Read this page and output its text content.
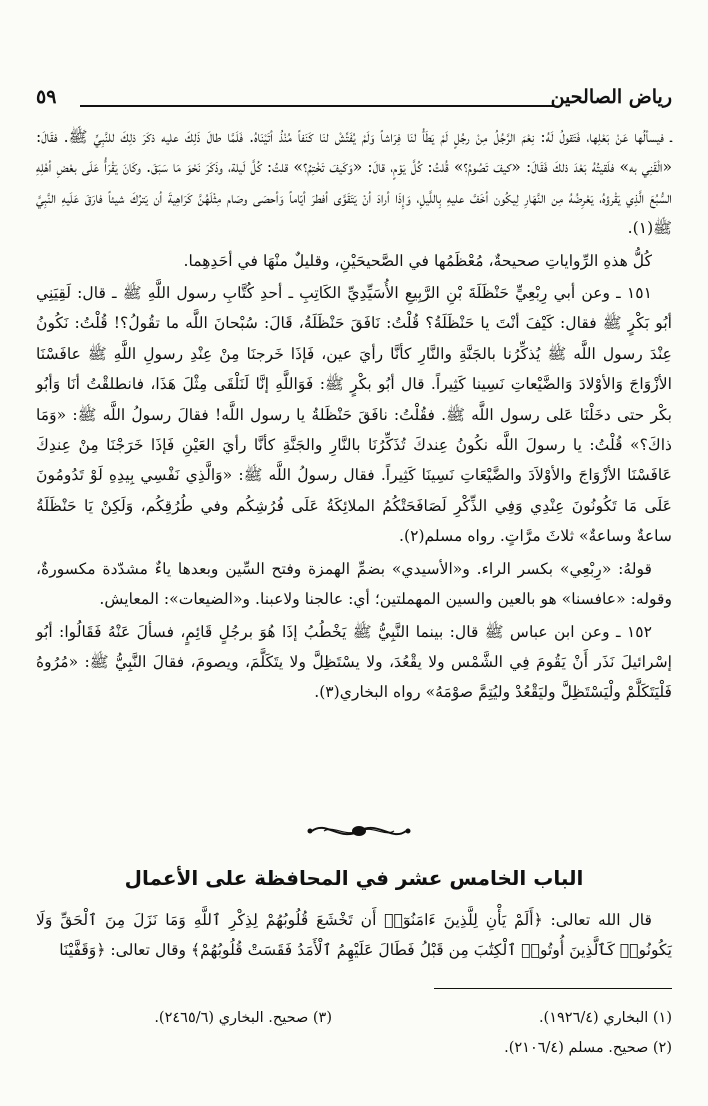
رياض الصالحين
٥٩

ـ فيسألُها عَنْ بَعْلِها، فَتَقولُ لَهُ: نِعْمَ الرَّجُلُ مِنْ رجُلٍ لَمْ يَطَأْ لنَا فِرَاشاً وَلَمْ يُفَتِّشْ لنَا كَنَفاً مُنْذُ أتَيْنَاهُ. فَلَمَّا طالَ ذَلِكَ عليه ذكَرَ ذلِكَ للنَّبِيِّ ﷺ. فقَالَ: «الْقَنِي به» فلَقيتُهُ بَعْدَ ذلكَ فَقَالَ: «كيفَ تَصُومُ؟» قُلتُ: كُلَّ يَوْمٍ، قالَ: «وَكَيفَ تَخْتِمُ؟» قلتُ: كُلَّ لَيلة، وذَكَرَ نَحْوَ مَا سَبَقَ. وكَانَ يَقْرَأُ عَلَى بعْضِ أهْلِهِ السُّبُعَ الَّذِي يَقْرؤهُ، يَعْرِضُهُ مِن النَّهَارِ لِيكُون أخَفَّ عليهِ بِاللَّيلِ، وَإِذَا أرادَ أنْ يَتَقَوَّى أفطرَ أيّاماً وَأحصَى وصَام مِثْلَهُنَّ كَرَاهِيةَ أن يَترُكَ شيئاً فارَقَ عَلَيهِ النَّبِيَّ ﷺ(١).

كُلُّ هذهِ الرِّواياتِ صحيحةٌ، مُعْظَمُها في الصَّحيحَيْنِ، وقليلٌ منْهَا في أحَدِهِما.

١٥١ ـ وعن أبي رِبْعِيٍّ حَنْظَلَةَ بْنِ الرَّبِيعِ الأُسَيِّدِيِّ الكَاتِبِ ـ أحدِ كُتَّابِ رسول اللَّهِ ﷺ ـ قال: لَقِيَنِي أبُو بَكْرٍ ﷺ فقال: كَيْفَ أنْتَ يا حَنْظَلَةُ؟ قُلْتُ: نَافَقَ حَنْظَلَةُ، قَالَ: سُبْحانَ اللَّه ما تقُولُ؟! قُلْتُ: نَكُونُ عِنْدَ رسول اللَّه ﷺ يُذكِّرُنا بالجَنَّةِ والنَّارِ كأنَّا رأيَ عين، فَإذَا خَرجنَا مِنْ عِنْدِ رسولِ اللَّهِ ﷺ عافَسْنَا الأزْوَاجَ وَالأوْلادَ وَالضَّيْعاتِ نَسِينا كَثِيراً. قال أبُو بكْرٍ ﷺ: فَوَاللَّهِ إنَّا لَنَلْقَى مِثْلَ هَذَا، فانطلقْتُ أنَا وَأبُو بكْر حتى دخَلْنَا عَلى رسول اللَّه ﷺ. فقُلْتُ: نافَقَ حَنْظَلةُ يا رسول اللَّه! فقالَ رسولُ اللَّه ﷺ: «وَمَا ذاكَ؟» قُلْتُ: يا رسولَ اللَّه نكُونُ عِندكَ تُذَكِّرُنَا بالنَّارِ والجَنَّةِ كأنَّا رأيَ العَيْنِ فَإذَا خَرَجْنَا مِنْ عِندِكَ عَافَسْنَا الأزْوَاجَ والأوْلاَدَ والضَّيْعَاتِ نَسِينَا كَثِيراً. فقال رسولُ اللَّه ﷺ: «وَالَّذِي نَفْسِي بِيدِهِ لَوْ تَدُومُونَ عَلَى مَا تَكُونُونَ عِنْدِي وَفِي الذِّكْرِ لَصَافَحَتْكُمُ الملائِكَةُ عَلَى فُرُشِكُم وفي طُرُقِكُم، وَلَكِنْ يَا حَنْظَلَةُ ساعةٌ وساعةٌ» ثلاثَ مرَّاتٍ. رواه مسلم(٢).

قولهُ: «رِبْعِي» بكسر الراء. و«الأسيدي» بضمِّ الهمزة وفتح السِّين وبعدها ياءٌ مشدّدة مكسورةٌ، وقوله: «عافسنا» هو بالعين والسين المهملتين؛ أي: عالجنا ولاعبنا. و«الضيعات»: المعايش.

١٥٢ ـ وعن ابن عباس ﷺ قال: بينما النَّبِيُّ ﷺ يَخْطُبُ إذَا هُوَ برجُلٍ قَائِمٍ، فسألَ عَنْهُ فَقَالُوا: أبُو إسْرائيلَ نَذَر أَنْ يَقُومَ فِي الشَّمْس ولا يقْعُدَ، ولا يسْتَظِلَّ ولا يتَكَلَّمَ، ويصومَ، فقالَ النَّبِيُّ ﷺ: «مُرُوهُ فَلْيَتَكَلَّمْ ولْيَسْتَظِلَّ وليَقْعُدْ وليُتِمَّ صوْمَهُ» رواه البخاري(٣).

الباب الخامس عشر في المحافظة على الأعمال

قال الله تعالى: ﴿أَلَمْ يَأْنِ لِلَّذِينَ ءَامَنُوٓا۟ أَن تَخْشَعَ قُلُوبُهُمْ لِذِكْرِ ٱللَّهِ وَمَا نَزَلَ مِنَ ٱلْحَقِّ وَلَا يَكُونُوا۟ كَٱلَّذِينَ أُوتُوا۟ ٱلْكِتَٰبَ مِن قَبْلُ فَطَالَ عَلَيْهِمُ ٱلْأَمَدُ فَقَسَتْ قُلُوبُهُمْ﴾ وقال تعالى: ﴿وَقَفَّيْنَا

(١) البخاري (١٩٢٦/٤).
(٣) صحيح. البخاري (٢٤٦٥/٦).
(٢) صحيح. مسلم (٢١٠٦/٤).
